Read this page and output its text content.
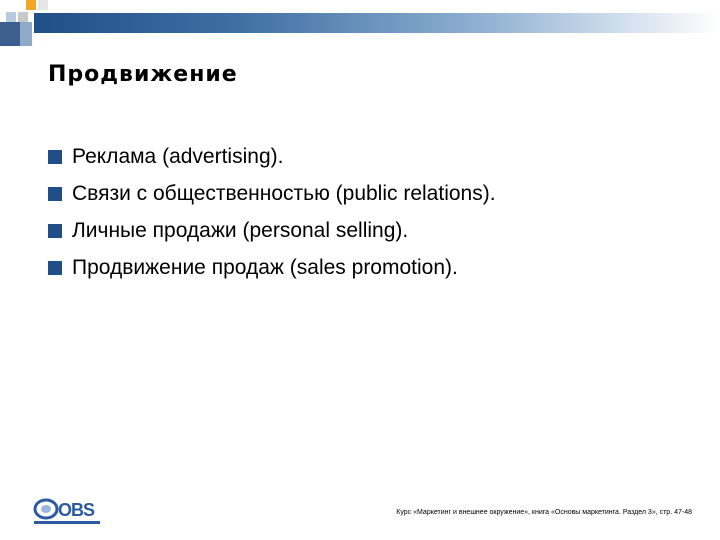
Продвижение
Реклама (advertising).
Связи с общественностью (public relations).
Личные продажи (personal selling).
Продвижение продаж (sales promotion).
OBS	Курс «Маркетинг и внешнее окружение», книга «Основы маркетинга. Раздел 3», стр. 47-48
